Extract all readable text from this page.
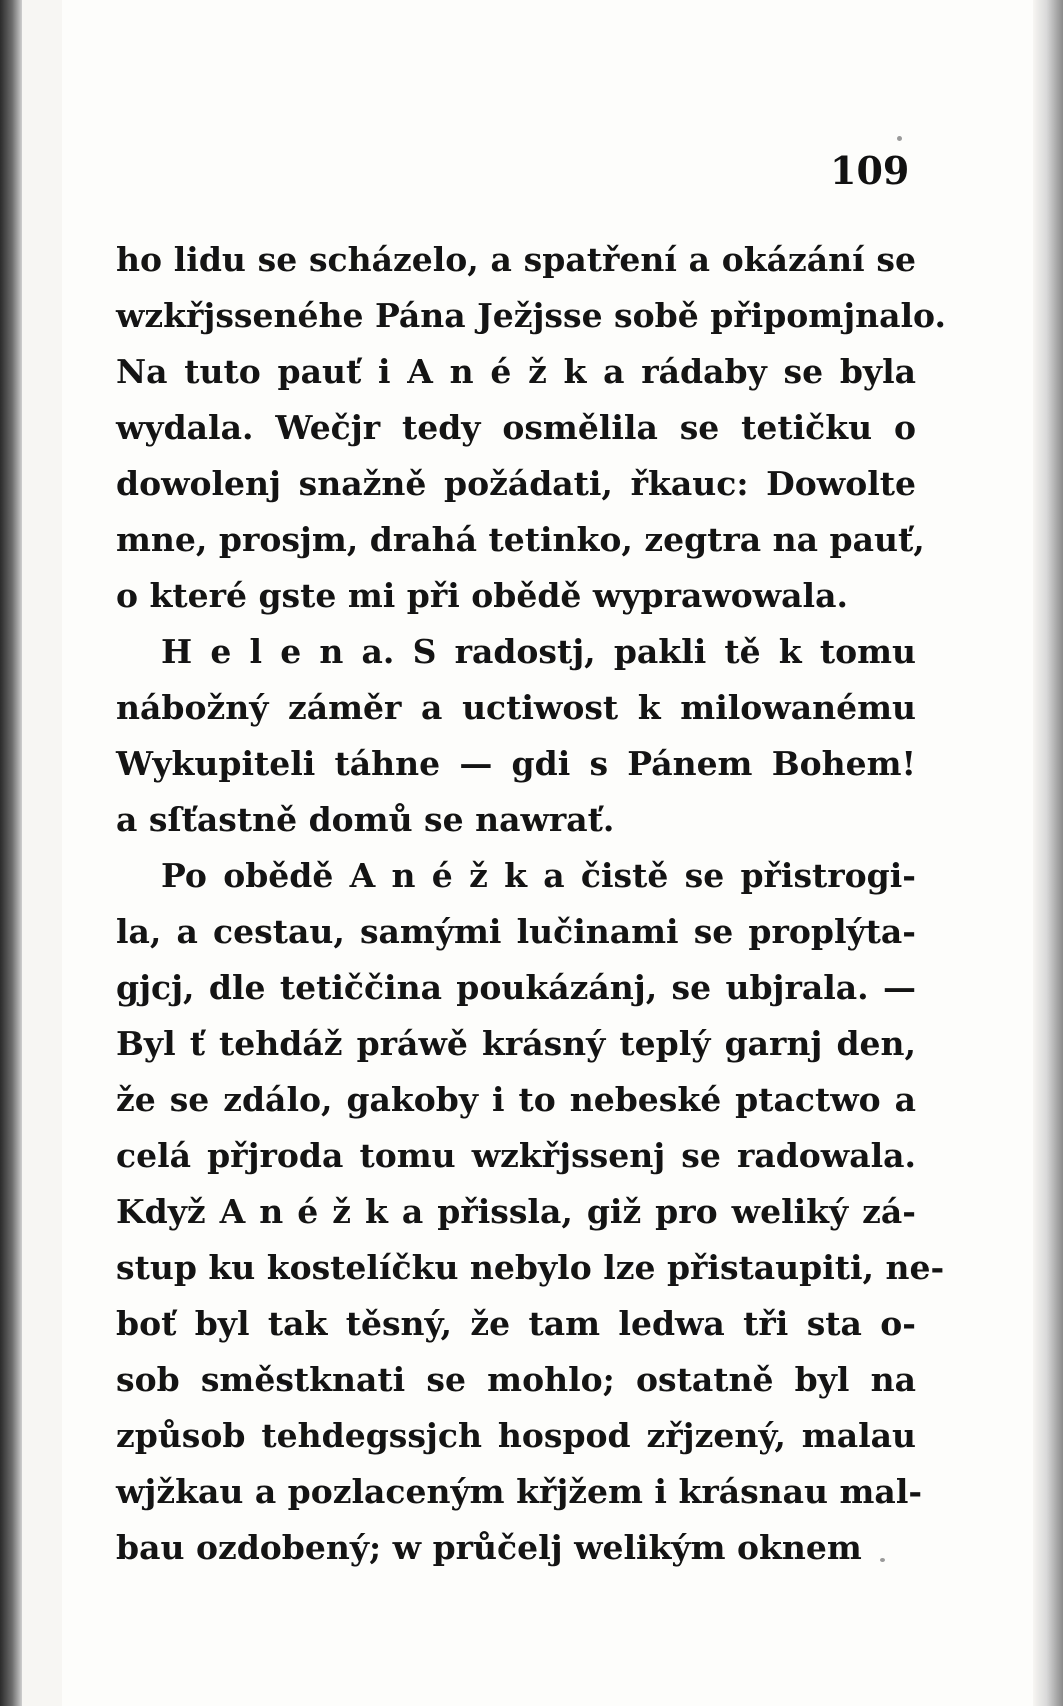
109
ho lidu se scházelo, a spatření a okázání se
wzkřjssenéhe Pána Ježjsse sobě připomjnalo.
Na tuto pauť i A n é ž k a rádaby se byla
wydala. Wečjr tedy osmělila se tetičku o
dowolenj snažně požádati, řkauc: Dowolte
mne, prosjm, drahá tetinko, zegtra na pauť,
o které gste mi při obědě wyprawowala.
H e l e n a. S radostj, pakli tě k tomu
nábožný záměr a uctiwost k milowanému
Wykupiteli táhne — gdi s Pánem Bohem!
a sſťastně domů se nawrať.
Po obědě A n é ž k a čistě se přistrogi-
la, a cestau, samými lučinami se proplýta-
gjcj, dle tetiččina poukázánj, se ubjrala. —
Byl ť tehdáž práwě krásný teplý garnj den,
že se zdálo, gakoby i to nebeské ptactwo a
celá přjroda tomu wzkřjssenj se radowala.
Když A n é ž k a přissla, giž pro weliký zá-
stup ku kostelíčku nebylo lze přistaupiti, ne-
boť byl tak těsný, že tam ledwa tři sta o-
sob směstknati se mohlo; ostatně byl na
způsob tehdegssjch hospod zřjzený, malau
wjžkau a pozlaceným křjžem i krásnau mal-
bau ozdobený; w průčelj welikým oknem
